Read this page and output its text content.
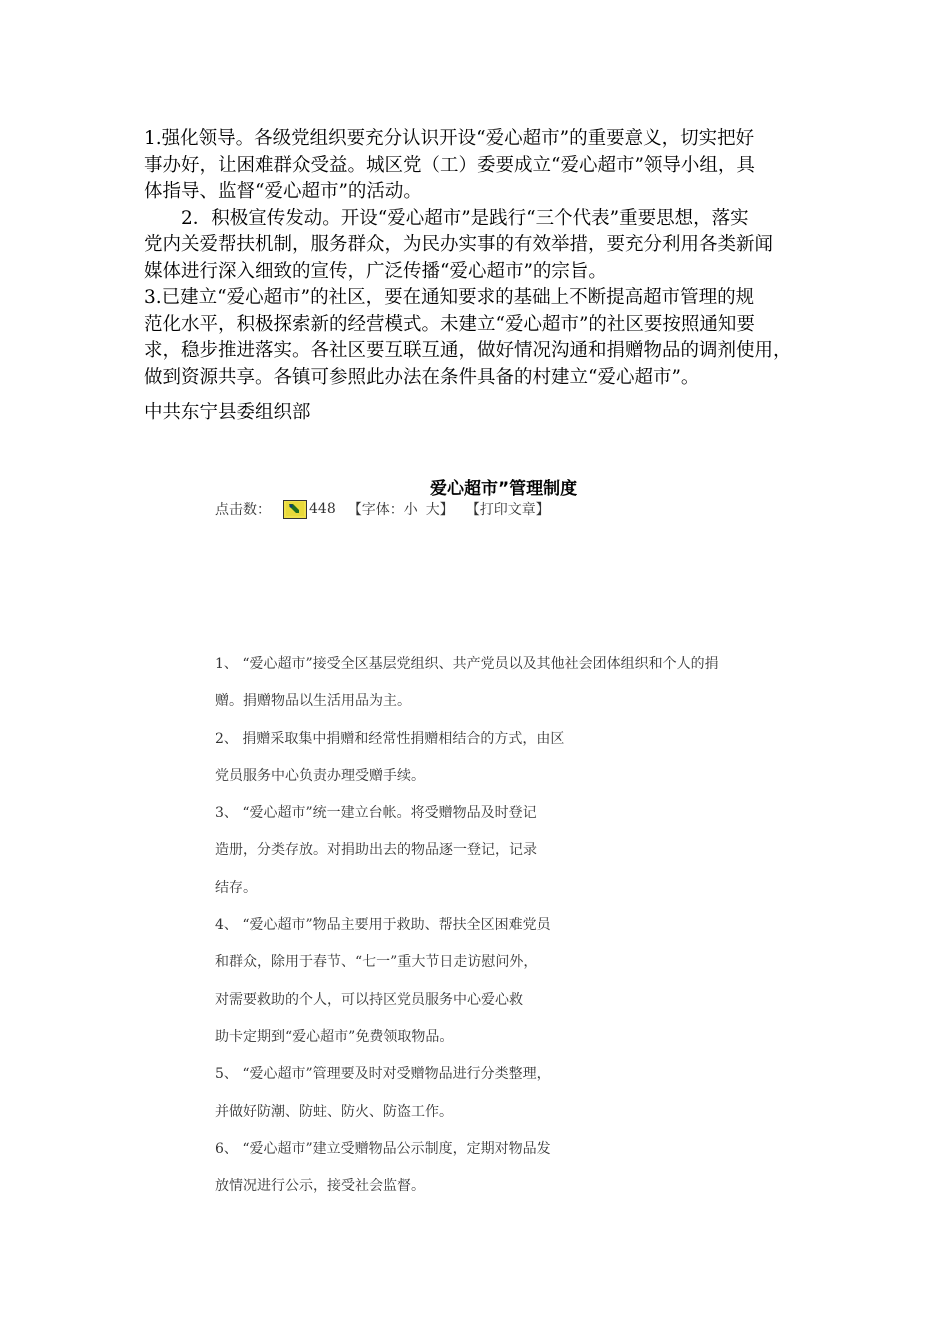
1.强化领导。各级党组织要充分认识开设“爱心超市”的重要意义，切实把好
事办好，让困难群众受益。城区党（工）委要成立“爱心超市”领导小组，具
体指导、监督“爱心超市”的活动。
2．积极宣传发动。开设“爱心超市”是践行“三个代表”重要思想，落实
党内关爱帮扶机制，服务群众，为民办实事的有效举措，要充分利用各类新闻
媒体进行深入细致的宣传，广泛传播“爱心超市”的宗旨。
3.已建立“爱心超市”的社区，要在通知要求的基础上不断提高超市管理的规
范化水平，积极探索新的经营模式。未建立“爱心超市”的社区要按照通知要
求，稳步推进落实。各社区要互联互通，做好情况沟通和捐赠物品的调剂使用，
做到资源共享。各镇可参照此办法在条件具备的村建立“爱心超市”。
中共东宁县委组织部
爱心超市”管理制度
点击数：	448 【字体： 小 大 】 【打印文章】
1、 “爱心超市”接受全区基层党组织、共产党员以及其他社会团体组织和个人的捐
赠。捐赠物品以生活用品为主。
2、 捐赠采取集中捐赠和经常性捐赠相结合的方式，由区
党员服务中心负责办理受赠手续。
3、 “爱心超市”统一建立台帐。将受赠物品及时登记
造册，分类存放。对捐助出去的物品逐一登记，记录
结存。
4、 “爱心超市”物品主要用于救助、帮扶全区困难党员
和群众，除用于春节、“七一”重大节日走访慰问外，
对需要救助的个人，可以持区党员服务中心爱心救
助卡定期到“爱心超市”免费领取物品。
5、 “爱心超市”管理要及时对受赠物品进行分类整理，
并做好防潮、防蛀、防火、防盗工作。
6、 “爱心超市”建立受赠物品公示制度，定期对物品发
放情况进行公示，接受社会监督。
